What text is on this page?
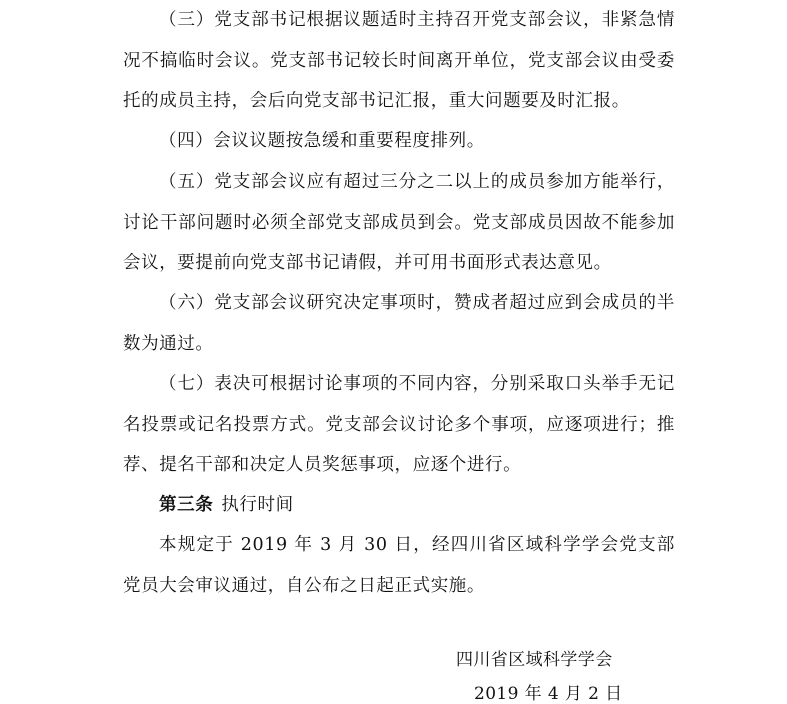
（三）党支部书记根据议题适时主持召开党支部会议，非紧急情况不搞临时会议。党支部书记较长时间离开单位，党支部会议由受委托的成员主持，会后向党支部书记汇报，重大问题要及时汇报。

（四）会议议题按急缓和重要程度排列。

（五）党支部会议应有超过三分之二以上的成员参加方能举行，讨论干部问题时必须全部党支部成员到会。党支部成员因故不能参加会议，要提前向党支部书记请假，并可用书面形式表达意见。

（六）党支部会议研究决定事项时，赞成者超过应到会成员的半数为通过。

（七）表决可根据讨论事项的不同内容，分别采取口头举手无记名投票或记名投票方式。党支部会议讨论多个事项，应逐项进行；推荐、提名干部和决定人员奖惩事项，应逐个进行。

第三条 执行时间

本规定于 2019 年 3 月 30 日，经四川省区域科学学会党支部党员大会审议通过，自公布之日起正式实施。

四川省区域科学学会

2019 年 4 月 2 日
